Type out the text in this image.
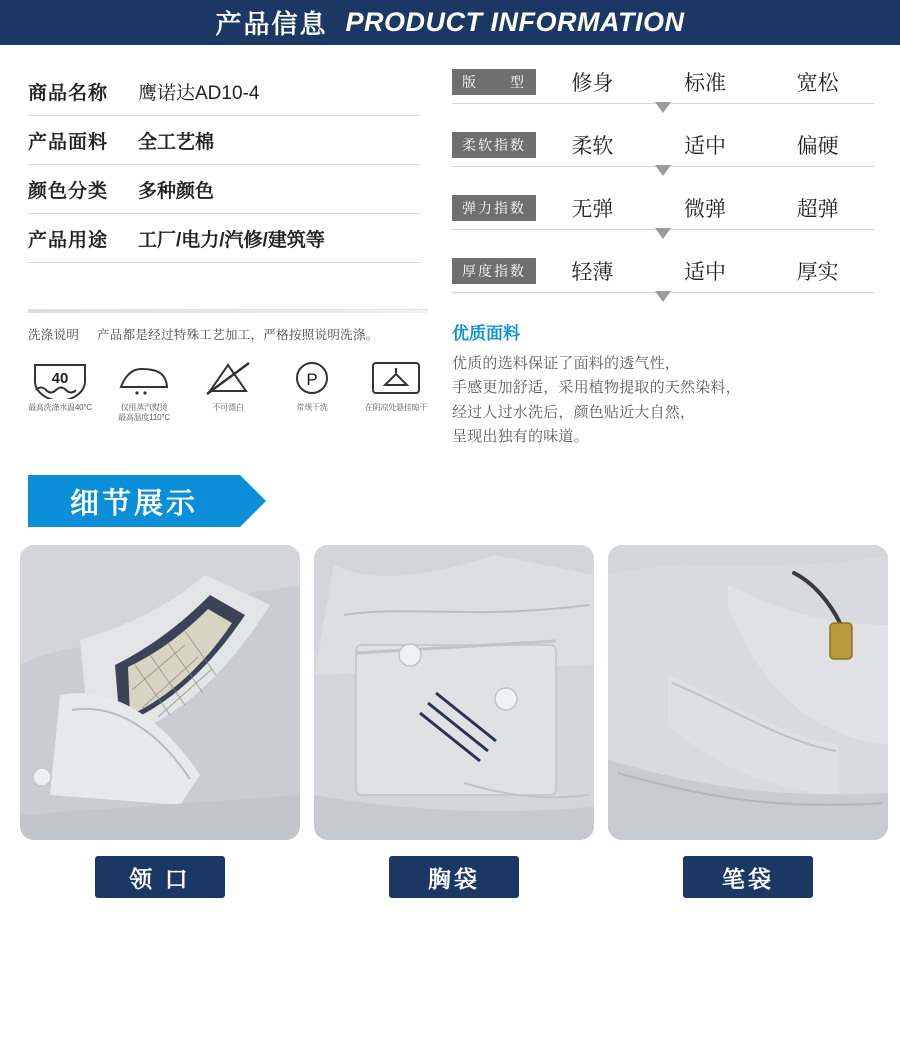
产品信息 PRODUCT INFORMATION
商品名称	鹰诺达AD10-4
产品面料	全工艺棉
颜色分类	多种颜色
产品用途	工厂/电力/汽修/建筑等
洗涤说明 产品都是经过特殊工艺加工，严格按照说明洗涤。
40
最高洗涤水温40°C	仅用蒸汽熨烫
最高温度110°C
不可漂白
P
常规干洗	在阴凉处悬挂晾干
版　　型	修身	标准	宽松
柔软指数	柔软	适中	偏硬
弹力指数	无弹	微弹	超弹
厚度指数	轻薄	适中	厚实
优质面料
优质的选料保证了面料的透气性，
手感更加舒适，采用植物提取的天然染料，
经过人过水洗后，颜色贴近大自然，
呈现出独有的味道。
细节展示
领 口	胸袋	笔袋
